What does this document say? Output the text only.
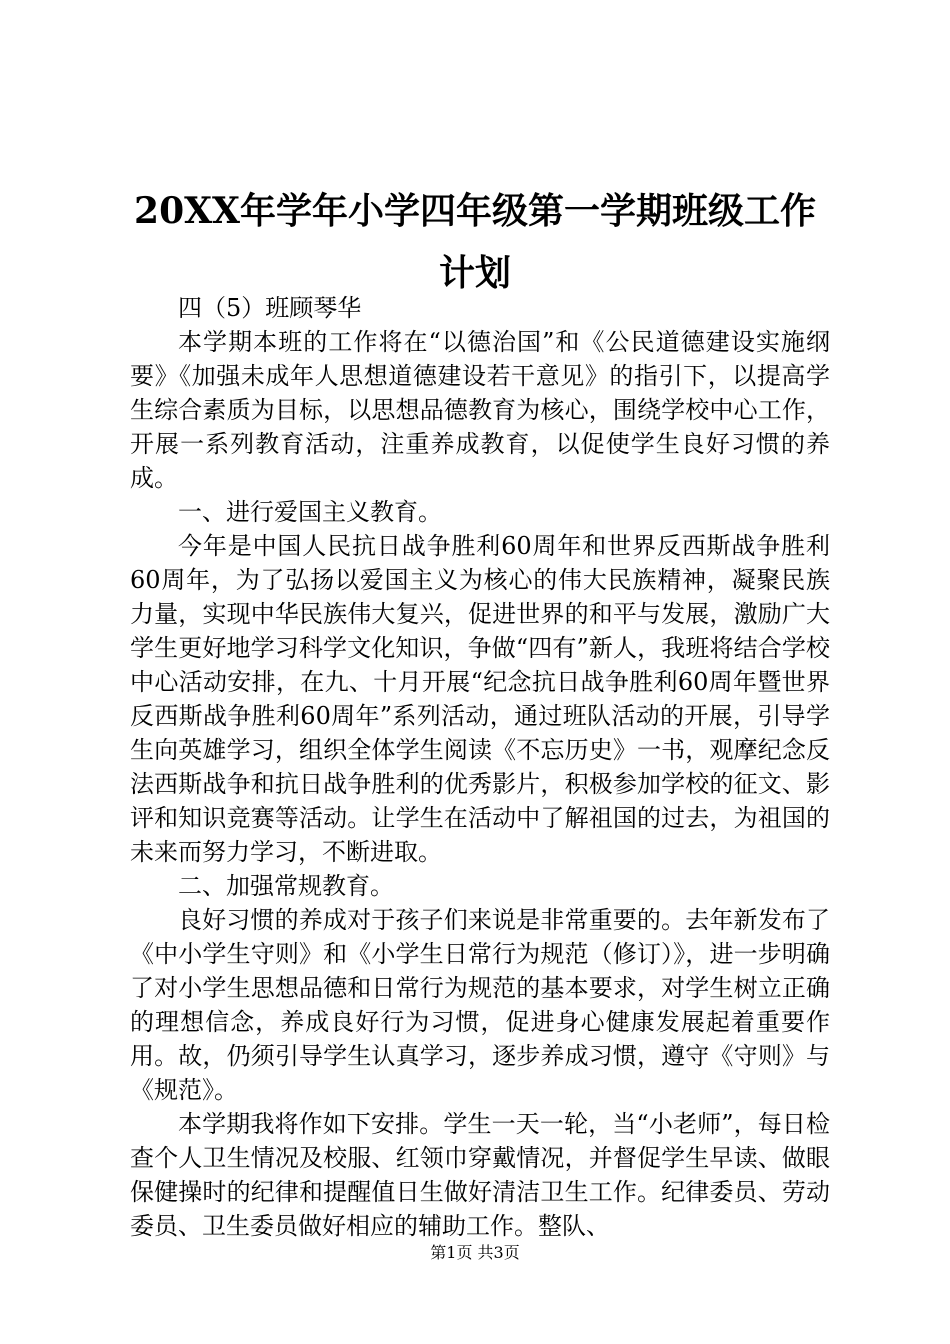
20XX年学年小学四年级第一学期班级工作计划

四（5）班顾琴华

本学期本班的工作将在“以德治国”和《公民道德建设实施纲要》《加强未成年人思想道德建设若干意见》的指引下，以提高学生综合素质为目标，以思想品德教育为核心，围绕学校中心工作，开展一系列教育活动，注重养成教育，以促使学生良好习惯的养成。

一、进行爱国主义教育。

今年是中国人民抗日战争胜利60周年和世界反西斯战争胜利60周年，为了弘扬以爱国主义为核心的伟大民族精神，凝聚民族力量，实现中华民族伟大复兴，促进世界的和平与发展，激励广大学生更好地学习科学文化知识，争做“四有”新人，我班将结合学校中心活动安排，在九、十月开展“纪念抗日战争胜利60周年暨世界反西斯战争胜利60周年”系列活动，通过班队活动的开展，引导学生向英雄学习，组织全体学生阅读《不忘历史》一书，观摩纪念反法西斯战争和抗日战争胜利的优秀影片，积极参加学校的征文、影评和知识竞赛等活动。让学生在活动中了解祖国的过去，为祖国的未来而努力学习，不断进取。

二、加强常规教育。

良好习惯的养成对于孩子们来说是非常重要的。去年新发布了《中小学生守则》和《小学生日常行为规范（修订）》，进一步明确了对小学生思想品德和日常行为规范的基本要求，对学生树立正确的理想信念，养成良好行为习惯，促进身心健康发展起着重要作用。故，仍须引导学生认真学习，逐步养成习惯，遵守《守则》与《规范》。

本学期我将作如下安排。学生一天一轮，当“小老师”，每日检查个人卫生情况及校服、红领巾穿戴情况，并督促学生早读、做眼保健操时的纪律和提醒值日生做好清洁卫生工作。纪律委员、劳动委员、卫生委员做好相应的辅助工作。整队、

第1页 共3页
